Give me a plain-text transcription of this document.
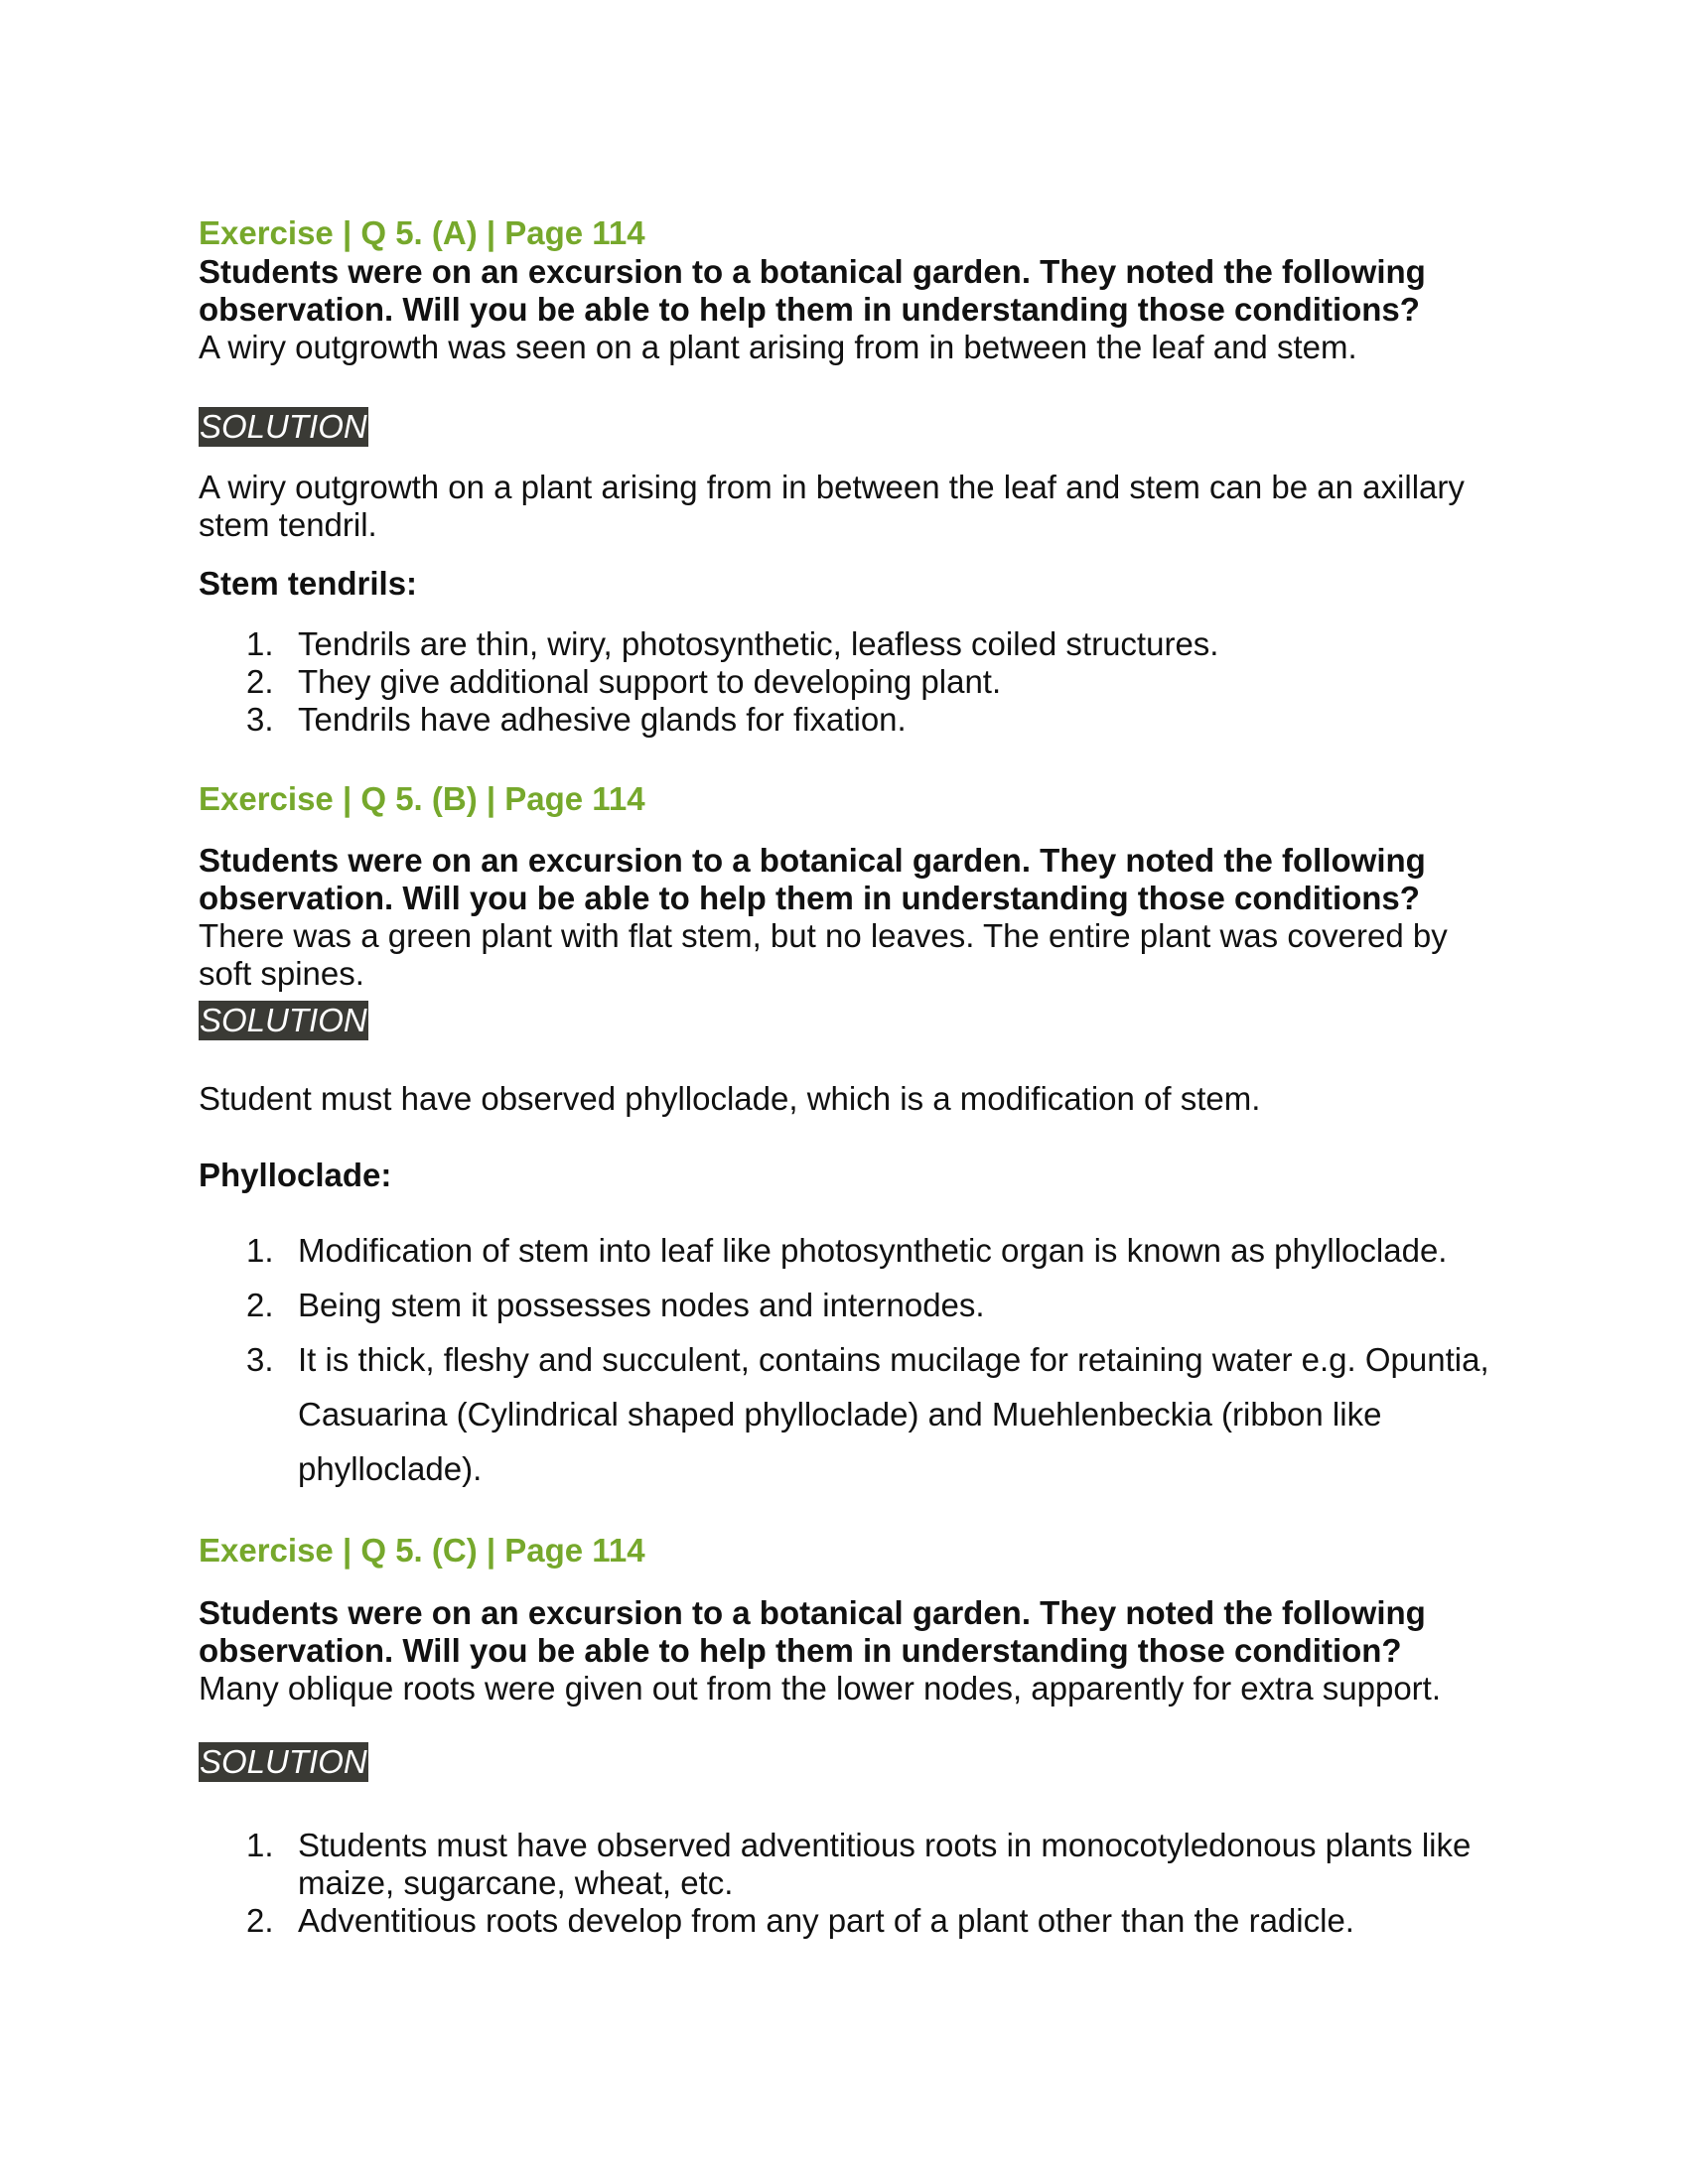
Exercise | Q 5. (A) | Page 114

Students were on an excursion to a botanical garden. They noted the following observation. Will you be able to help them in understanding those conditions?

A wiry outgrowth was seen on a plant arising from in between the leaf and stem.

SOLUTION

A wiry outgrowth on a plant arising from in between the leaf and stem can be an axillary stem tendril.

Stem tendrils:

1. Tendrils are thin, wiry, photosynthetic, leafless coiled structures.
2. They give additional support to developing plant.
3. Tendrils have adhesive glands for fixation.

Exercise | Q 5. (B) | Page 114

Students were on an excursion to a botanical garden. They noted the following observation. Will you be able to help them in understanding those conditions?

There was a green plant with flat stem, but no leaves. The entire plant was covered by soft spines.

SOLUTION

Student must have observed phylloclade, which is a modification of stem.

Phylloclade:

1. Modification of stem into leaf like photosynthetic organ is known as phylloclade.
2. Being stem it possesses nodes and internodes.
3. It is thick, fleshy and succulent, contains mucilage for retaining water e.g. Opuntia, Casuarina (Cylindrical shaped phylloclade) and Muehlenbeckia (ribbon like phylloclade).

Exercise | Q 5. (C) | Page 114

Students were on an excursion to a botanical garden. They noted the following observation. Will you be able to help them in understanding those condition?

Many oblique roots were given out from the lower nodes, apparently for extra support.

SOLUTION
1. Students must have observed adventitious roots in monocotyledonous plants like maize, sugarcane, wheat, etc.
2. Adventitious roots develop from any part of a plant other than the radicle.
